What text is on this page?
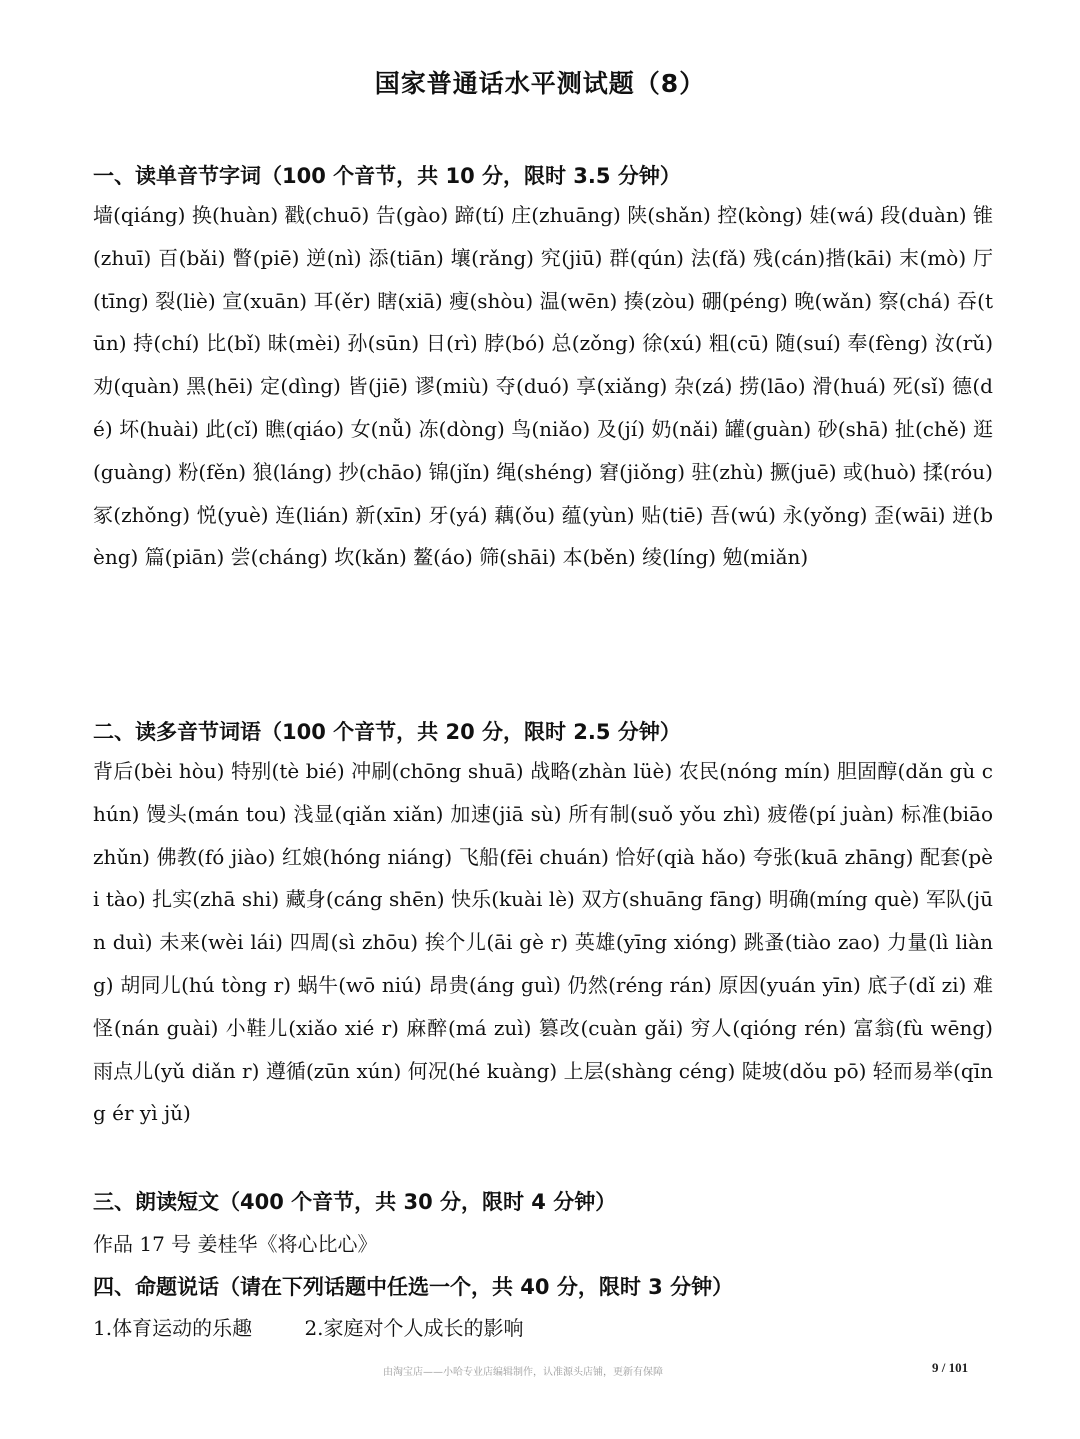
国家普通话水平测试题（8）
一、读单音节字词（100 个音节，共 10 分，限时 3.5 分钟）
墙(qiáng) 换(huàn) 戳(chuō) 告(gào) 蹄(tí) 庄(zhuāng) 陕(shǎn) 控(kòng) 娃(wá) 段(duàn) 锥(zhuī) 百(bǎi) 瞥(piē) 逆(nì) 添(tiān) 壤(rǎng) 究(jiū) 群(qún) 法(fǎ) 残(cán)揩(kāi) 末(mò) 厅(tīng) 裂(liè) 宣(xuān) 耳(ěr) 瞎(xiā) 瘦(shòu) 温(wēn) 揍(zòu) 硼(péng) 晚(wǎn) 察(chá) 吞(tūn) 持(chí) 比(bǐ) 昧(mèi) 孙(sūn) 日(rì) 脖(bó) 总(zǒng) 徐(xú) 粗(cū) 随(suí) 奉(fèng) 汝(rǔ) 劝(quàn) 黑(hēi) 定(dìng) 皆(jiē) 谬(miù) 夺(duó) 享(xiǎng) 杂(zá) 捞(lāo) 滑(huá) 死(sǐ) 德(dé) 坏(huài) 此(cǐ) 瞧(qiáo) 女(nǚ) 冻(dòng) 鸟(niǎo) 及(jí) 奶(nǎi) 罐(guàn) 砂(shā) 扯(chě) 逛(guàng) 粉(fěn) 狼(láng) 抄(chāo) 锦(jǐn) 绳(shéng) 窘(jiǒng) 驻(zhù) 撅(juē) 或(huò) 揉(róu)冢(zhǒng) 悦(yuè) 连(lián) 新(xīn) 牙(yá) 藕(ǒu) 蕴(yùn) 贴(tiē) 吾(wú) 永(yǒng) 歪(wāi) 迸(bèng) 篇(piān) 尝(cháng) 坎(kǎn) 鳌(áo) 筛(shāi) 本(běn) 绫(líng) 勉(miǎn)
二、读多音节词语（100 个音节，共 20 分，限时 2.5 分钟）
背后(bèi hòu) 特别(tè bié) 冲刷(chōng shuā) 战略(zhàn lüè) 农民(nóng mín) 胆固醇(dǎn gù chún) 馒头(mán tou) 浅显(qiǎn xiǎn) 加速(jiā sù) 所有制(suǒ yǒu zhì) 疲倦(pí juàn) 标准(biāo zhǔn) 佛教(fó jiào) 红娘(hóng niáng) 飞船(fēi chuán) 恰好(qià hǎo) 夸张(kuā zhāng) 配套(pèi tào) 扎实(zhā shi) 藏身(cáng shēn) 快乐(kuài lè) 双方(shuāng fāng) 明确(míng què) 军队(jūn duì) 未来(wèi lái) 四周(sì zhōu) 挨个儿(āi gè r) 英雄(yīng xióng) 跳蚤(tiào zao) 力量(lì liàng) 胡同儿(hú tòng r) 蜗牛(wō niú) 昂贵(áng guì) 仍然(réng rán) 原因(yuán yīn) 底子(dǐ zi) 难怪(nán guài) 小鞋儿(xiǎo xié r) 麻醉(má zuì) 篡改(cuàn gǎi) 穷人(qióng rén) 富翁(fù wēng) 雨点儿(yǔ diǎn r) 遵循(zūn xún) 何况(hé kuàng) 上层(shàng céng) 陡坡(dǒu pō) 轻而易举(qīng ér yì jǔ)
三、朗读短文（400 个音节，共 30 分，限时 4 分钟）
作品 17 号 姜桂华《将心比心》
四、命题说话（请在下列话题中任选一个，共 40 分，限时 3 分钟）
1.体育运动的乐趣	2.家庭对个人成长的影响
由淘宝店——小哈专业店编辑制作，认准源头店铺，更新有保障	9 / 101
